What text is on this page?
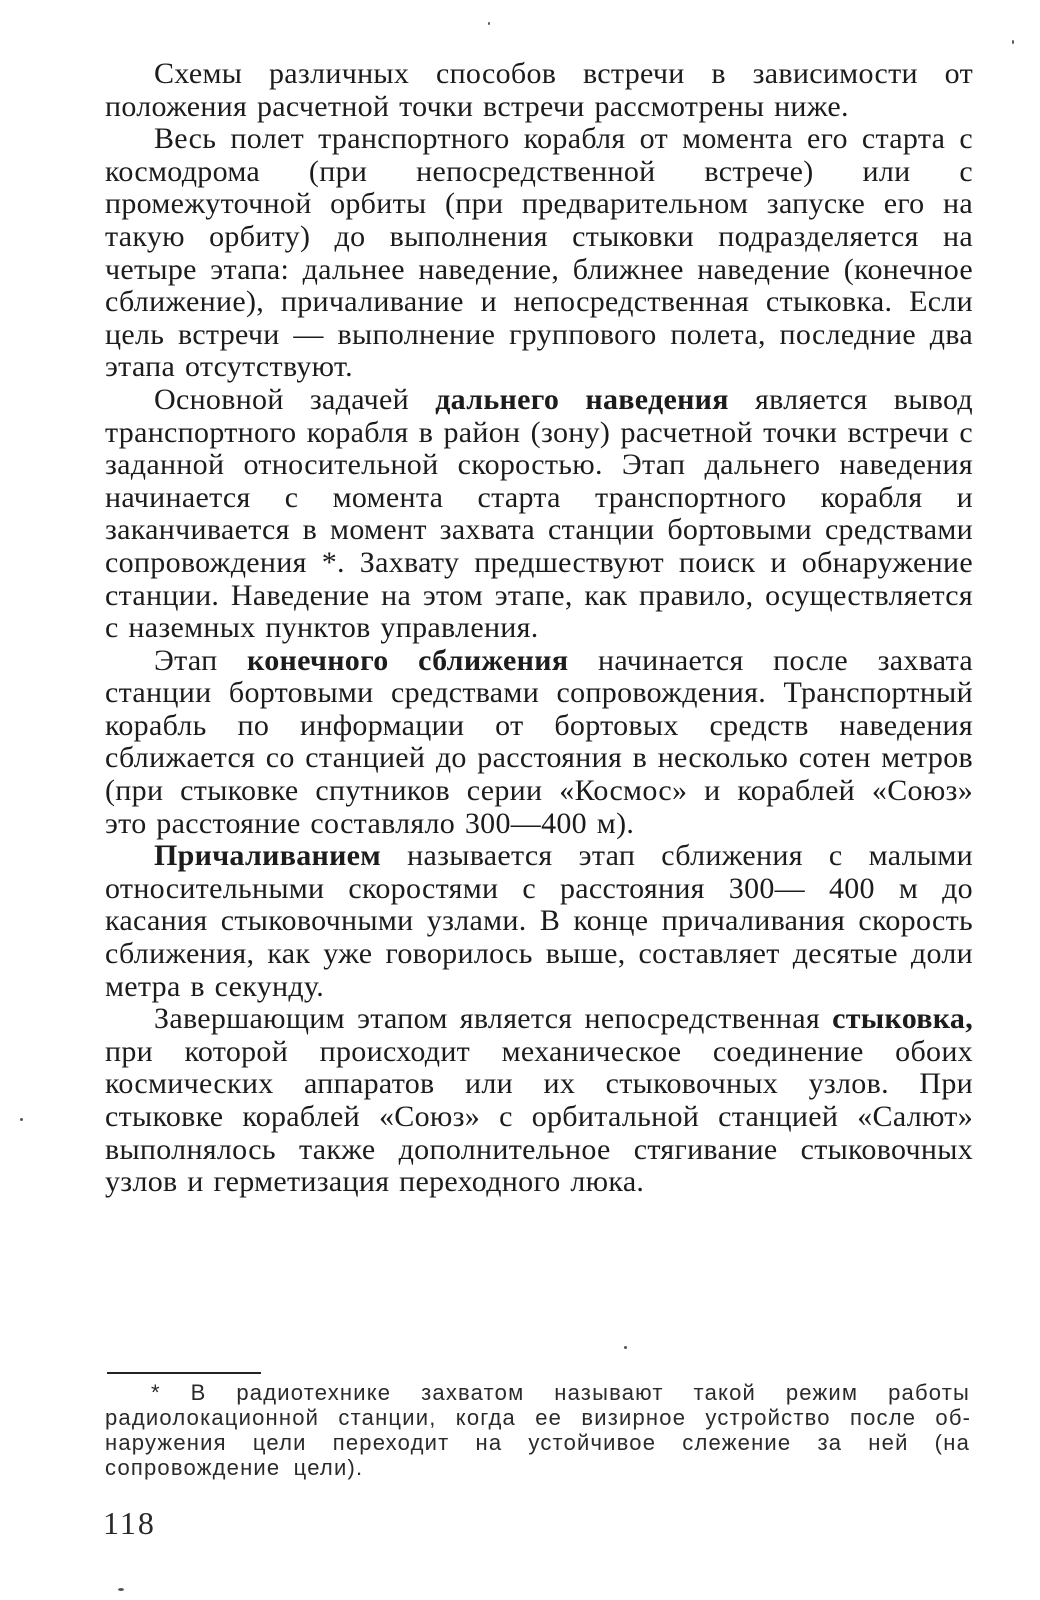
Схемы различных способов встречи в зависимости от положения расчетной точки встречи рассмотрены ниже.

Весь полет транспортного корабля от момента его старта с космодрома (при непосредственной встрече) или с промежуточной орбиты (при предварительном запуске его на такую орбиту) до выполнения стыковки подразделяется на четыре этапа: дальнее наведение, ближнее наведение (конечное сближение), причаливание и непосредственная стыковка. Если цель встречи — выполнение группового полета, последние два этапа отсутствуют.

Основной задачей дальнего наведения является вывод транспортного корабля в район (зону) расчетной точки встречи с заданной относительной скоростью. Этап дальнего наведения начинается с момента старта транспортного корабля и заканчивается в момент захвата станции бортовыми средствами сопровождения *. Захвату предшествуют поиск и обнаружение станции. Наведение на этом этапе, как правило, осуществляется с наземных пунктов управления.

Этап конечного сближения начинается после захвата станции бортовыми средствами сопровождения. Транспортный корабль по информации от бортовых средств наведения сближается со станцией до расстояния в несколько сотен метров (при стыковке спутников серии «Космос» и кораблей «Союз» это расстояние составляло 300—400 м).

Причаливанием называется этап сближения с малыми относительными скоростями с расстояния 300— 400 м до касания стыковочными узлами. В конце причаливания скорость сближения, как уже говорилось выше, составляет десятые доли метра в секунду.

Завершающим этапом является непосредственная стыковка, при которой происходит механическое соединение обоих космических аппаратов или их стыковочных узлов. При стыковке кораблей «Союз» с орбитальной станцией «Салют» выполнялось также дополнительное стягивание стыковочных узлов и герметизация переходного люка.

* В радиотехнике захватом называют такой режим работы радиолокационной станции, когда ее визирное устройство после обнаружения цели переходит на устойчивое слежение за ней (на сопровождение цели).

118
